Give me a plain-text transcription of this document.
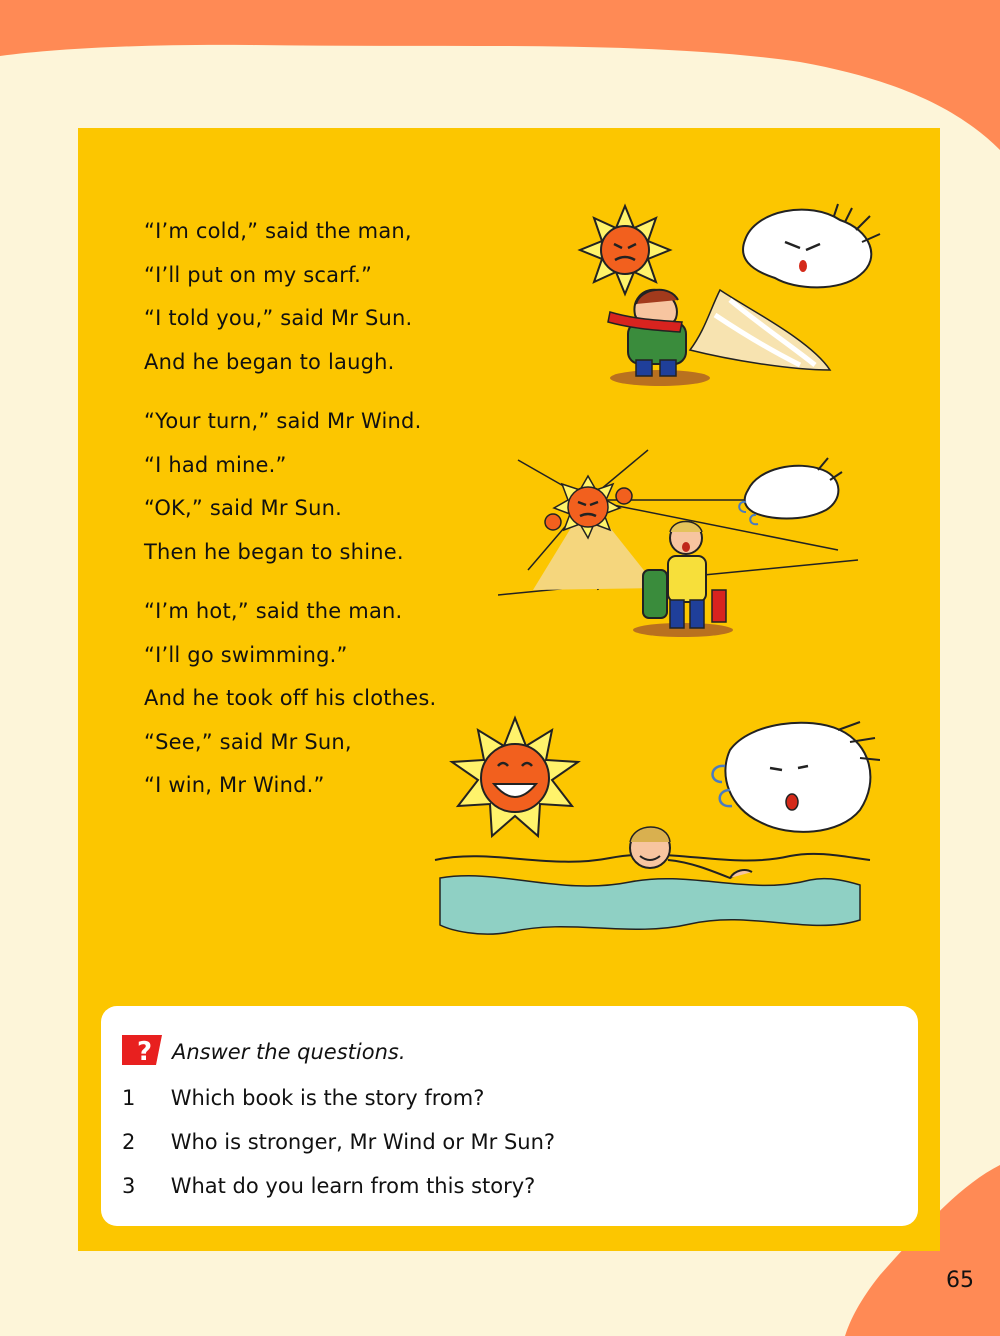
“I’m cold,” said the man,
“I’ll put on my scarf.”
“I told you,” said Mr Sun.
And he began to laugh.
“Your turn,” said Mr Wind.
“I had mine.”
“OK,” said Mr Sun.
Then he began to shine.
“I’m hot,” said the man.
“I’ll go swimming.”
And he took off his clothes.
“See,” said Mr Sun,
“I win, Mr Wind.”
? Answer the questions.
1 Which book is the story from?
2 Who is stronger, Mr Wind or Mr Sun?
3 What do you learn from this story?
65
